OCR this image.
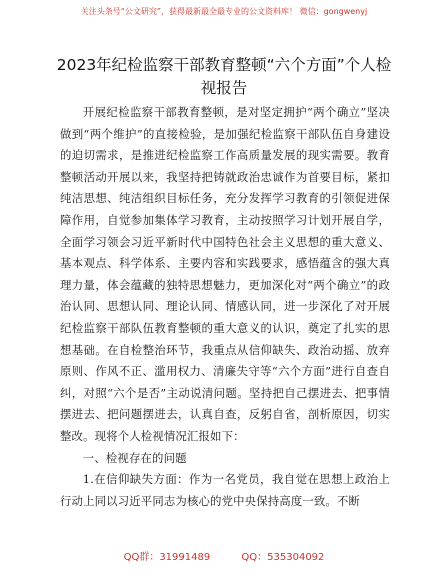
关注头条号“公文研究”，获得最新最全最专业的公文资料库！ 微信：gongwenyj
2023年纪检监察干部教育整顿“六个方面”个人检视报告

开展纪检监察干部教育整顿，是对坚定拥护“两个确立”坚决做到“两个维护”的直接检验，是加强纪检监察干部队伍自身建设的迫切需求，是推进纪检监察工作高质量发展的现实需要。教育整顿活动开展以来，我坚持把铸就政治忠诚作为首要目标，紧扣纯洁思想、纯洁组织目标任务，充分发挥学习教育的引领促进保障作用，自觉参加集体学习教育，主动按照学习计划开展自学，全面学习领会习近平新时代中国特色社会主义思想的重大意义、基本观点、科学体系、主要内容和实践要求，感悟蕴含的强大真理力量，体会蕴藏的独特思想魅力，更加深化对“两个确立”的政治认同、思想认同、理论认同、情感认同，进一步深化了对开展纪检监察干部队伍教育整顿的重大意义的认识，奠定了扎实的思想基础。在自检整治环节，我重点从信仰缺失、政治动摇、放弃原则、作风不正、滥用权力、清廉失守等“六个方面”进行自查自纠，对照“六个是否”主动说清问题。坚持把自己摆进去、把事情摆进去、把问题摆进去，认真自查，反躬自省，剖析原因，切实整改。现将个人检视情况汇报如下：

一、检视存在的问题

1.在信仰缺失方面：作为一名党员，我自觉在思想上政治上行动上同以习近平同志为核心的党中央保持高度一致。不断

QQ群：31991489	QQ：535304092
